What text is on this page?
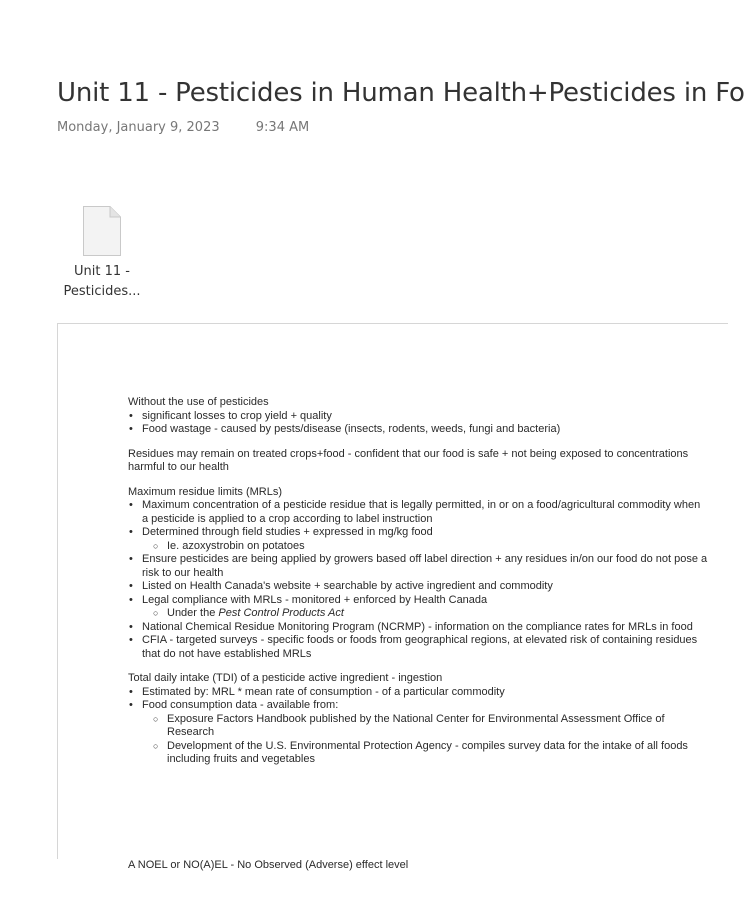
Unit 11 - Pesticides in Human Health+Pesticides in Fo
Monday, January 9, 2023	9:34 AM
Unit 11 -
Pesticides...

Without the use of pesticides

• significant losses to crop yield + quality
• Food wastage - caused by pests/disease (insects, rodents, weeds, fungi and bacteria)

Residues may remain on treated crops+food - confident that our food is safe + not being exposed to concentrations harmful to our health

Maximum residue limits (MRLs)

• Maximum concentration of a pesticide residue that is legally permitted, in or on a food/agricultural commodity when a pesticide is applied to a crop according to label instruction
• Determined through field studies + expressed in mg/kg food
○ Ie. azoxystrobin on potatoes
• Ensure pesticides are being applied by growers based off label direction + any residues in/on our food do not pose a risk to our health
• Listed on Health Canada's website + searchable by active ingredient and commodity
• Legal compliance with MRLs - monitored + enforced by Health Canada
○ Under the Pest Control Products Act
• National Chemical Residue Monitoring Program (NCRMP) - information on the compliance rates for MRLs in food
• CFIA - targeted surveys - specific foods or foods from geographical regions, at elevated risk of containing residues that do not have established MRLs

Total daily intake (TDI) of a pesticide active ingredient - ingestion

• Estimated by: MRL * mean rate of consumption - of a particular commodity
• Food consumption data - available from:
○ Exposure Factors Handbook published by the National Center for Environmental Assessment Office of Research
○ Development of the U.S. Environmental Protection Agency - compiles survey data for the intake of all foods including fruits and vegetables
A NOEL or NO(A)EL - No Observed (Adverse) effect level
